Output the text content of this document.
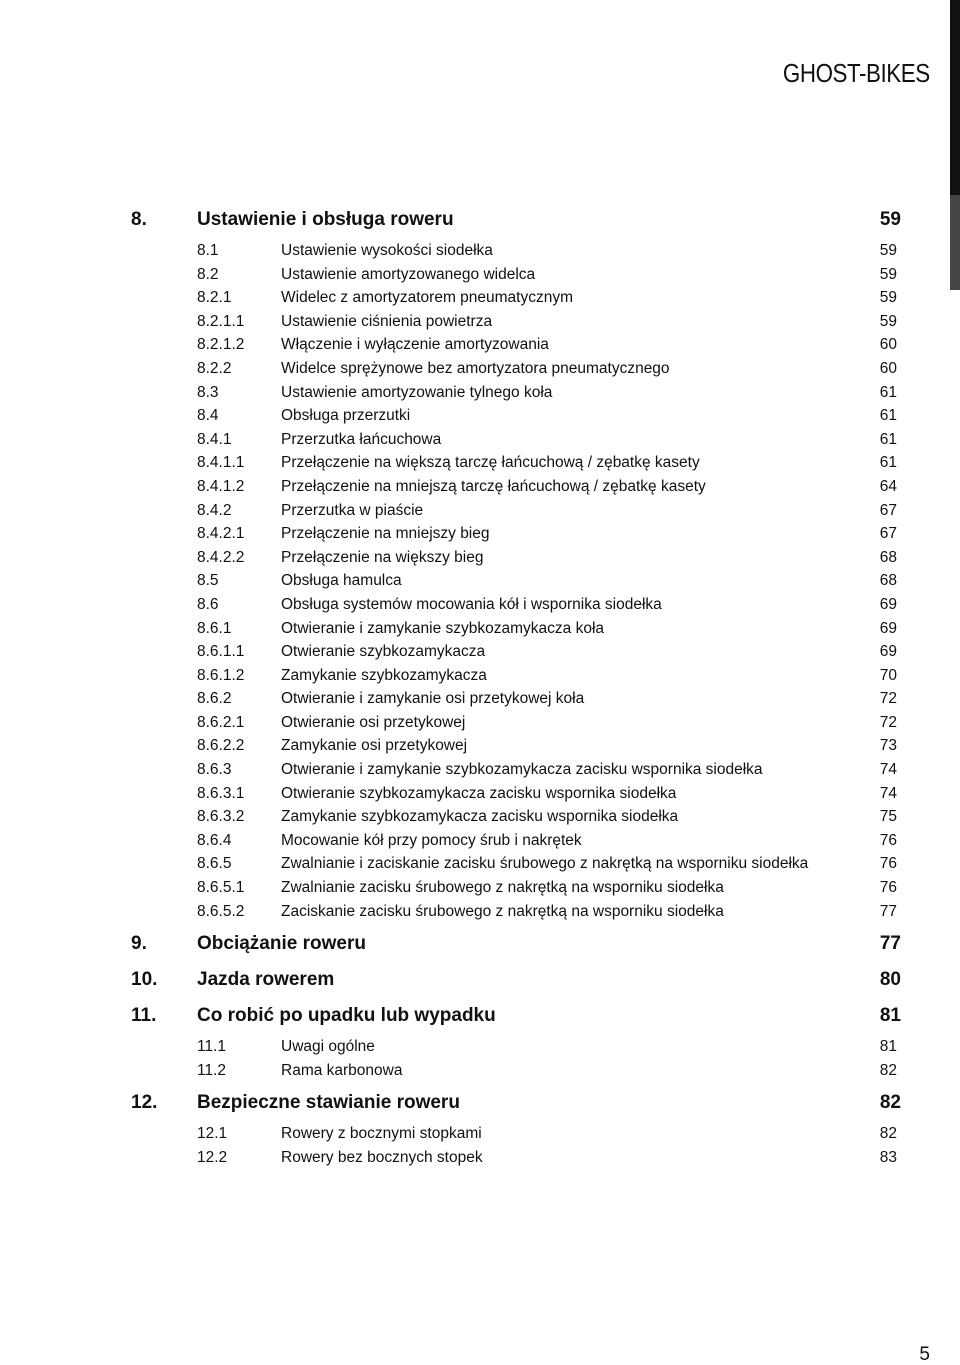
GHOST-BIKES
8.	Ustawienie i obsługa roweru	59
8.1	Ustawienie wysokości siodełka	59
8.2	Ustawienie amortyzowanego widelca	59
8.2.1	Widelec z amortyzatorem pneumatycznym	59
8.2.1.1 Ustawienie ciśnienia powietrza	59
8.2.1.2 Włączenie i wyłączenie amortyzowania	60
8.2.2	Widelce sprężynowe bez amortyzatora pneumatycznego	60
8.3	Ustawienie amortyzowanie tylnego koła	61
8.4	Obsługa przerzutki	61
8.4.1	Przerzutka łańcuchowa	61
8.4.1.1 Przełączenie na większą tarczę łańcuchową / zębatkę kasety	61
8.4.1.2 Przełączenie na mniejszą tarczę łańcuchową / zębatkę kasety	64
8.4.2	Przerzutka w piaście	67
8.4.2.1 Przełączenie na mniejszy bieg	67
8.4.2.2 Przełączenie na większy bieg	68
8.5	Obsługa hamulca	68
8.6	Obsługa systemów mocowania kół i wspornika siodełka	69
8.6.1	Otwieranie i zamykanie szybkozamykacza koła	69
8.6.1.1 Otwieranie szybkozamykacza	69
8.6.1.2 Zamykanie szybkozamykacza	70
8.6.2	Otwieranie i zamykanie osi przetykowej koła	72
8.6.2.1 Otwieranie osi przetykowej	72
8.6.2.2 Zamykanie osi przetykowej	73
8.6.3	Otwieranie i zamykanie szybkozamykacza zacisku wspornika siodełka	74
8.6.3.1 Otwieranie szybkozamykacza zacisku wspornika siodełka	74
8.6.3.2 Zamykanie szybkozamykacza zacisku wspornika siodełka	75
8.6.4	Mocowanie kół przy pomocy śrub i nakrętek	76
8.6.5	Zwalnianie i zaciskanie zacisku śrubowego z nakrętką na wsporniku siodełka	76
8.6.5.1 Zwalnianie zacisku śrubowego z nakrętką na wsporniku siodełka	76
8.6.5.2 Zaciskanie zacisku śrubowego z nakrętką na wsporniku siodełka	77
9.	Obciążanie roweru	77
10. Jazda rowerem	80
11. Co robić po upadku lub wypadku	81
11.1	Uwagi ogólne	81
11.2	Rama karbonowa	82
12. Bezpieczne stawianie roweru	82
12.1	Rowery z bocznymi stopkami	82
12.2	Rowery bez bocznych stopek	83
5
